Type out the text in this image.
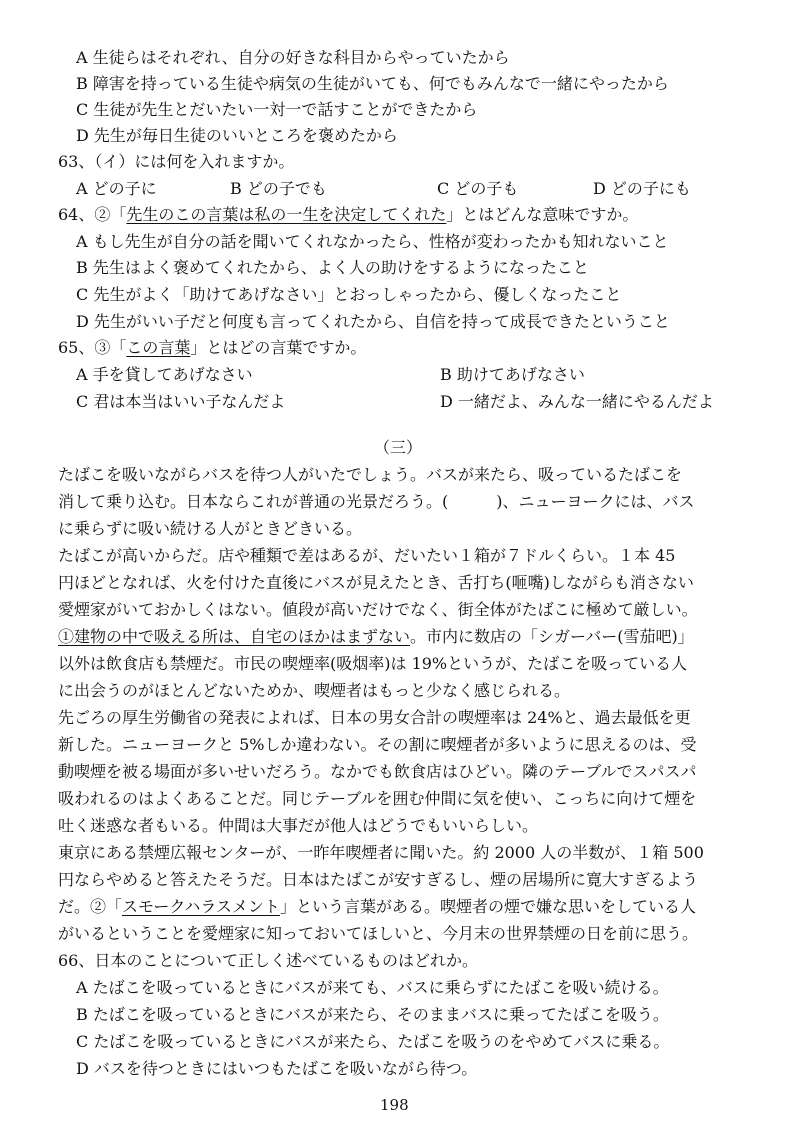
A 生徒らはそれぞれ、自分の好きな科目からやっていたから
B 障害を持っている生徒や病気の生徒がいても、何でもみんなで一緒にやったから
C 生徒が先生とだいたい一対一で話すことができたから
D 先生が毎日生徒のいいところを褒めたから
63、（イ）には何を入れますか。
A どの子に	B どの子でも	C どの子も	D どの子にも
64、②「先生のこの言葉は私の一生を決定してくれた」とはどんな意味ですか。
A もし先生が自分の話を聞いてくれなかったら、性格が変わったかも知れないこと
B 先生はよく褒めてくれたから、よく人の助けをするようになったこと
C 先生がよく「助けてあげなさい」とおっしゃったから、優しくなったこと
D 先生がいい子だと何度も言ってくれたから、自信を持って成長できたということ
65、③「この言葉」とはどの言葉ですか。
A 手を貸してあげなさい	B 助けてあげなさい
C 君は本当はいい子なんだよ	D 一緒だよ、みんな一緒にやるんだよ
（三）
たばこを吸いながらバスを待つ人がいたでしょう。バスが来たら、吸っているたばこを
消して乗り込む。日本ならこれが普通の光景だろう。(　　　)、ニューヨークには、バス
に乗らずに吸い続ける人がときどきいる。
たばこが高いからだ。店や種類で差はあるが、だいたい１箱が７ドルくらい。１本 45
円ほどとなれば、火を付けた直後にバスが見えたとき、舌打ち(咂嘴)しながらも消さない
愛煙家がいておかしくはない。値段が高いだけでなく、街全体がたばこに極めて厳しい。
①建物の中で吸える所は、自宅のほかはまずない。市内に数店の「シガーバー(雪茄吧)」
以外は飲食店も禁煙だ。市民の喫煙率(吸烟率)は 19%というが、たばこを吸っている人
に出会うのがほとんどないためか、喫煙者はもっと少なく感じられる。
先ごろの厚生労働省の発表によれば、日本の男女合計の喫煙率は 24%と、過去最低を更
新した。ニューヨークと 5%しか違わない。その割に喫煙者が多いように思えるのは、受
動喫煙を被る場面が多いせいだろう。なかでも飲食店はひどい。隣のテーブルでスパスパ
吸われるのはよくあることだ。同じテーブルを囲む仲間に気を使い、こっちに向けて煙を
吐く迷惑な者もいる。仲間は大事だが他人はどうでもいいらしい。
東京にある禁煙広報センターが、一昨年喫煙者に聞いた。約 2000 人の半数が、１箱 500
円ならやめると答えたそうだ。日本はたばこが安すぎるし、煙の居場所に寛大すぎるよう
だ。②「スモークハラスメント」という言葉がある。喫煙者の煙で嫌な思いをしている人
がいるということを愛煙家に知っておいてほしいと、今月末の世界禁煙の日を前に思う。
66、日本のことについて正しく述べているものはどれか。
A たばこを吸っているときにバスが来ても、バスに乗らずにたばこを吸い続ける。
B たばこを吸っているときにバスが来たら、そのままバスに乗ってたばこを吸う。
C たばこを吸っているときにバスが来たら、たばこを吸うのをやめてバスに乗る。
D バスを待つときにはいつもたばこを吸いながら待つ。
198
